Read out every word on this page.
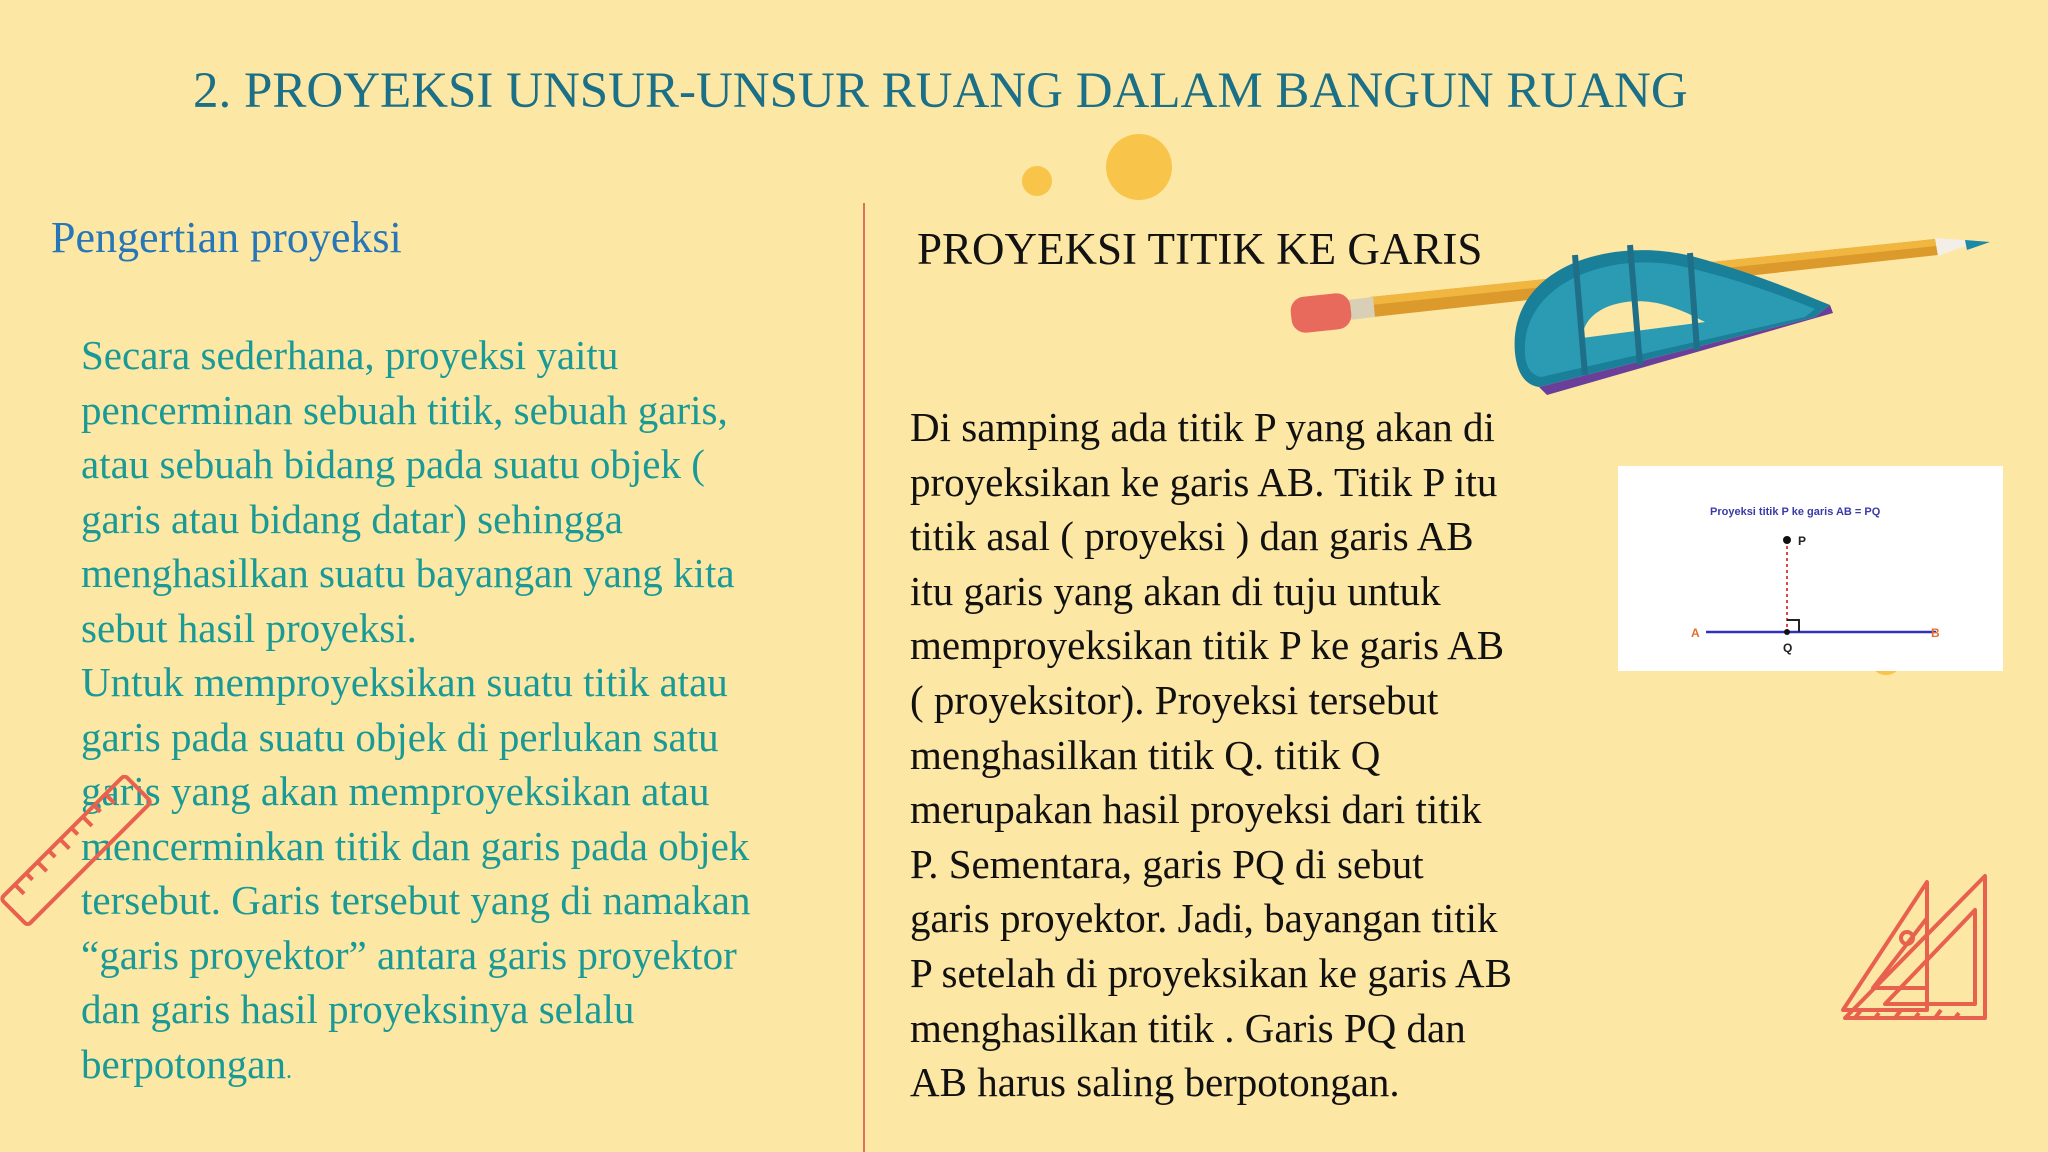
2. PROYEKSI UNSUR-UNSUR RUANG DALAM BANGUN RUANG
Pengertian proyeksi

Secara sederhana, proyeksi yaitu
pencerminan sebuah titik, sebuah garis,
atau sebuah bidang pada suatu objek (
garis atau bidang datar) sehingga
menghasilkan suatu bayangan yang kita
sebut hasil proyeksi.

Untuk memproyeksikan suatu titik atau
garis pada suatu objek di perlukan satu
garis yang akan memproyeksikan atau
mencerminkan titik dan garis pada objek
tersebut. Garis tersebut yang di namakan
“garis proyektor” antara garis proyektor
dan garis hasil proyeksinya selalu
berpotongan.

PROYEKSI TITIK KE GARIS

Di samping ada titik P yang akan di
proyeksikan ke garis AB. Titik P itu
titik asal ( proyeksi ) dan garis AB
itu garis yang akan di tuju untuk
memproyeksikan titik P ke garis AB
( proyeksitor). Proyeksi tersebut
menghasilkan titik Q. titik Q
merupakan hasil proyeksi dari titik
P. Sementara, garis PQ di sebut
garis proyektor. Jadi, bayangan titik
P setelah di proyeksikan ke garis AB
menghasilkan titik . Garis PQ dan
AB harus saling berpotongan.

Proyeksi titik P ke garis AB = PQ
P
Q
A	B
